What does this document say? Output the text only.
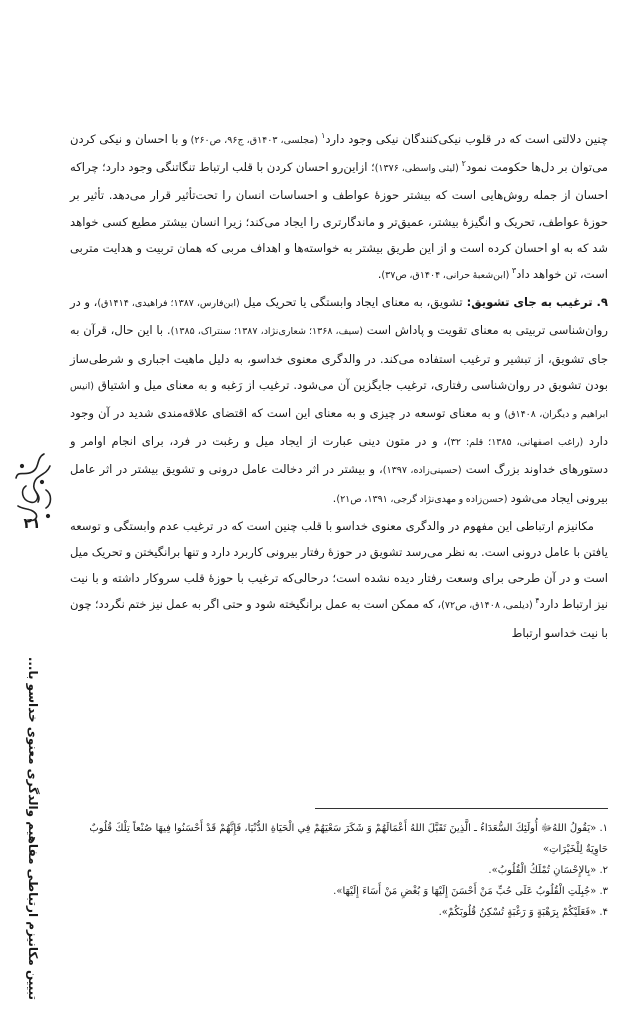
چنین دلالتی است که در قلوب نیکی‌کنندگان نیکی وجود دارد$^۱$ (مجلسی، ۱۴۰۳ق، ج۹۶، ص۲۶۰) و با احسان و نیکی کردن می‌توان بر دل‌ها حکومت نمود$^۲$ (لیثی واسطی، ۱۳۷۶)؛ ازاین‌رو احسان کردن با قلب ارتباط تنگاتنگی وجود دارد؛ چراکه احسان از جمله روش‌هایی است که بیشتر حوزهٔ عواطف و احساسات انسان را تحت‌تأثیر قرار می‌دهد. تأثیر بر حوزهٔ عواطف، تحریک و انگیزهٔ بیشتر، عمیق‌تر و ماندگارتری را ایجاد می‌کند؛ زیرا انسان بیشتر مطیع کسی خواهد شد که به او احسان کرده است و از این طریق بیشتر به خواسته‌ها و اهداف مربی که همان تربیت و هدایت متربی است، تن خواهد داد$^۳$ (ابن‌شعبهٔ حرانی، ۱۴۰۴ق، ص۳۷).

۹. ترغیب به جای تشویق: تشویق، به معنای ایجاد وابستگی یا تحریک میل (ابن‌فارس، ۱۳۸۷؛ فراهیدی، ۱۴۱۴ق)، و در روان‌شناسی تربیتی به معنای تقویت و پاداش است (سیف، ۱۳۶۸؛ شعاری‌نژاد، ۱۳۸۷؛ سنتراک، ۱۳۸۵). با این حال، قرآن به جای تشویق، از تبشیر و ترغیب استفاده می‌کند. در والدگری معنوی خداسو، به دلیل ماهیت اجباری و شرطی‌ساز بودن تشویق در روان‌شناسی رفتاری، ترغیب جایگزین آن می‌شود. ترغیب از رَغبه و به معنای میل و اشتیاق (انیس ابراهیم و دیگران، ۱۴۰۸ق) و به معنای توسعه در چیزی و به معنای این است که اقتضای علاقه‌مندی شدید در آن وجود دارد (راغب اصفهانی، ۱۳۸۵؛ قلم: ۳۲)، و در متون دینی عبارت از ایجاد میل و رغبت در فرد، برای انجام اوامر و دستورهای خداوند بزرگ است (حسینی‌زاده، ۱۳۹۷)، و بیشتر در اثر دخالت عامل درونی و تشویق بیشتر در اثر عامل بیرونی ایجاد می‌شود (حسن‌زاده و مهدی‌نژاد گرجی، ۱۳۹۱، ص۲۱).

مکانیزم ارتباطی این مفهوم در والدگری معنوی خداسو با قلب چنین است که در ترغیب عدم وابستگی و توسعه یافتن با عامل درونی است. به نظر می‌رسد تشویق در حوزهٔ رفتار بیرونی کاربرد دارد و تنها برانگیختن و تحریک میل است و در آن طرحی برای وسعت رفتار دیده نشده است؛ درحالی‌که ترغیب با حوزهٔ قلب سروکار داشته و با نیت نیز ارتباط دارد$^۴$ (دیلمی، ۱۴۰۸ق، ص۷۲)، که ممکن است به عمل برانگیخته شود و حتی اگر به عمل نیز ختم نگردد؛ چون با نیت خداسو ارتباط

۱. «يَقُولُ اللهُ‌ﷻ أُولَئِكَ السُّعَدَاءُ ـ الَّذِينَ تَقَبَّلَ اللهُ أَعْمَالَهُمْ وَ شَكَرَ سَعْيَهُمْ فِي الْحَيَاةِ الدُّنْيَا، فَإِنَّهُمْ قَدْ أَحْسَنُوا فِيهَا صُنْعاً تِلْكَ قُلُوبٌ حَاوِيَةٌ لِلْخَيْرَاتِ»

۲. «بِالإِحْسَانِ تُمْلَكُ الْقُلُوبُ».

۳. «جُبِلَتِ الْقُلُوبُ عَلَى حُبِّ مَنْ أَحْسَنَ إِلَيْهَا وَ بُغْضِ مَنْ أَسَاءَ إِلَيْهَا».

۴. «فَعَلَيْكُمْ بِرَهْبَةٍ وَ رَغْبَةٍ تُسْكِنُ قُلُوبَكُمْ».

۲۱
تبیین مکانیزم ارتباطی مفاهیم والدگری معنوی خداسو با...
